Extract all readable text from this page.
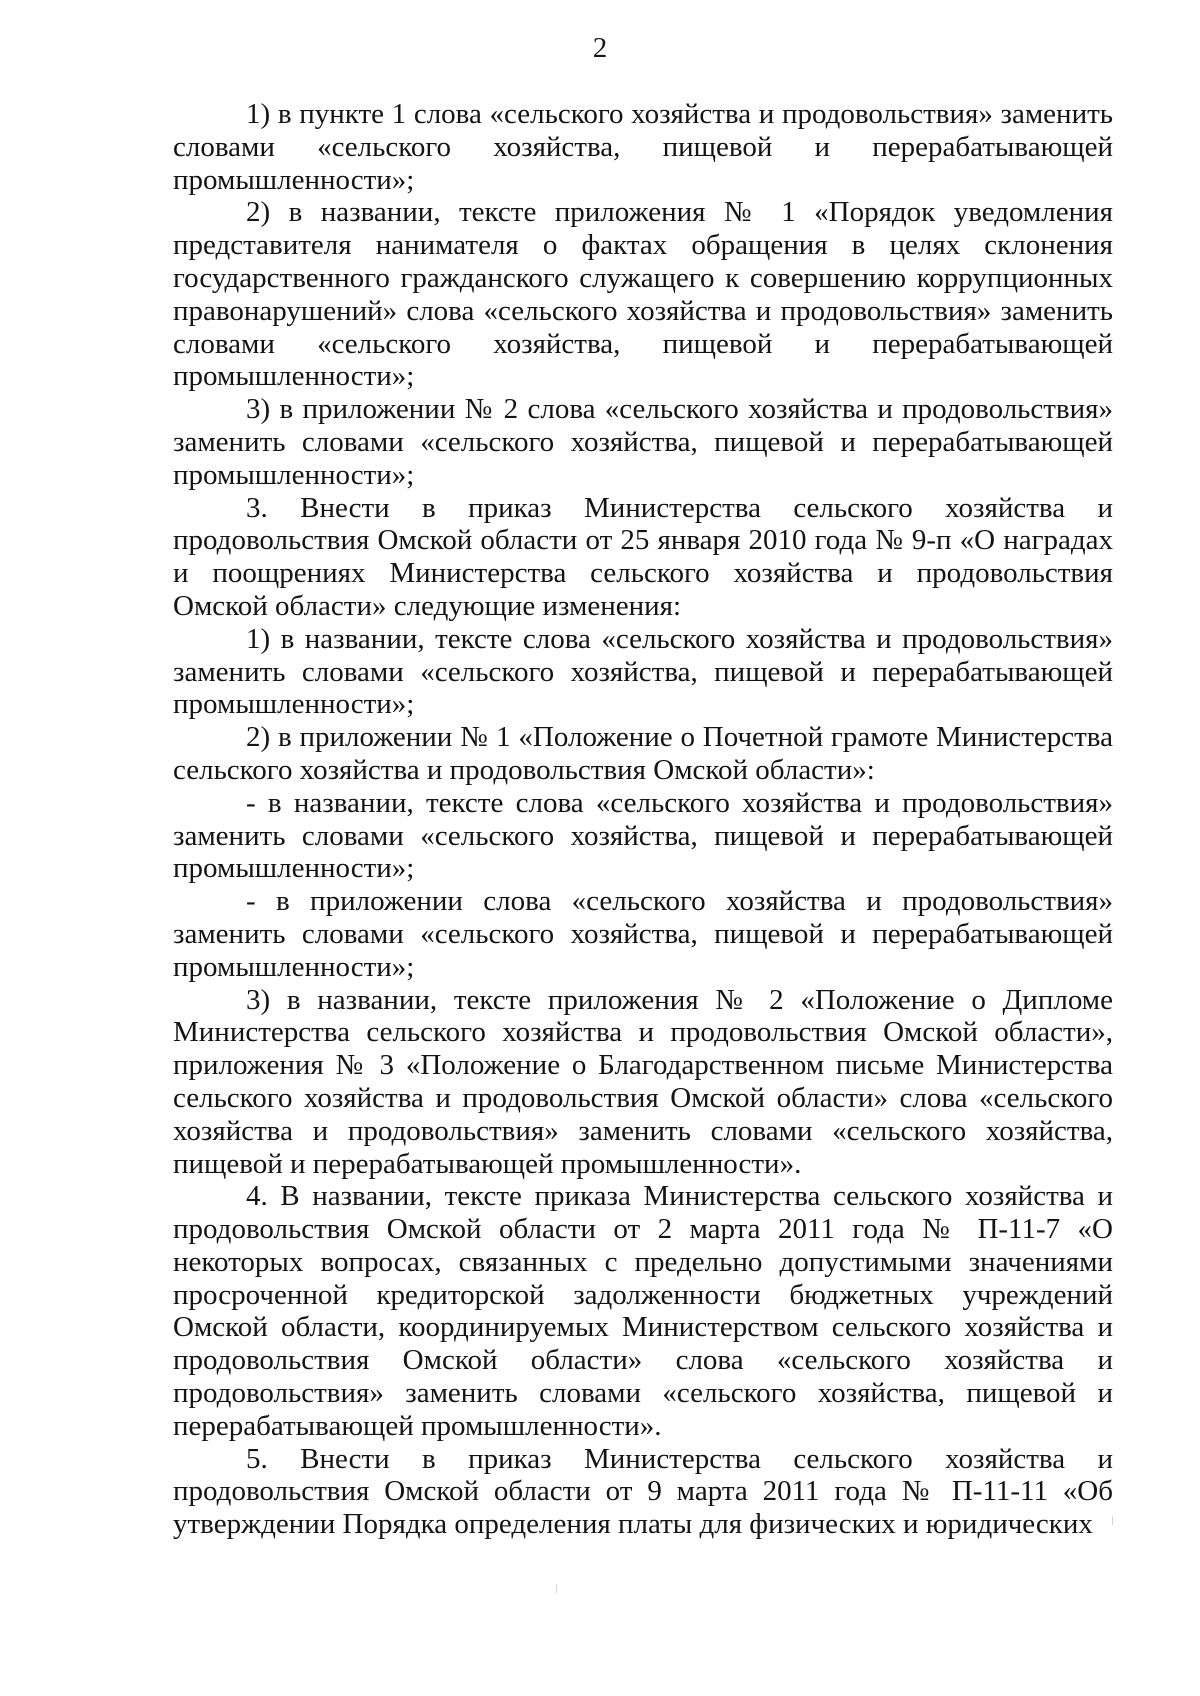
2

1) в пункте 1 слова «сельского хозяйства и продовольствия» заменить словами «сельского хозяйства, пищевой и перерабатывающей промышленности»;

2) в названии, тексте приложения № 1 «Порядок уведомления представителя нанимателя о фактах обращения в целях склонения государственного гражданского служащего к совершению коррупционных правонарушений» слова «сельского хозяйства и продовольствия» заменить словами «сельского хозяйства, пищевой и перерабатывающей промышленности»;

3) в приложении № 2 слова «сельского хозяйства и продовольствия» заменить словами «сельского хозяйства, пищевой и перерабатывающей промышленности»;

3. Внести в приказ Министерства сельского хозяйства и продовольствия Омской области от 25 января 2010 года № 9-п «О наградах и поощрениях Министерства сельского хозяйства и продовольствия Омской области» следующие изменения:

1) в названии, тексте слова «сельского хозяйства и продовольствия» заменить словами «сельского хозяйства, пищевой и перерабатывающей промышленности»;

2) в приложении № 1 «Положение о Почетной грамоте Министерства сельского хозяйства и продовольствия Омской области»:

- в названии, тексте слова «сельского хозяйства и продовольствия» заменить словами «сельского хозяйства, пищевой и перерабатывающей промышленности»;

- в приложении слова «сельского хозяйства и продовольствия» заменить словами «сельского хозяйства, пищевой и перерабатывающей промышленности»;

3) в названии, тексте приложения № 2 «Положение о Дипломе Министерства сельского хозяйства и продовольствия Омской области», приложения № 3 «Положение о Благодарственном письме Министерства сельского хозяйства и продовольствия Омской области» слова «сельского хозяйства и продовольствия» заменить словами «сельского хозяйства, пищевой и перерабатывающей промышленности».

4. В названии, тексте приказа Министерства сельского хозяйства и продовольствия Омской области от 2 марта 2011 года № П-11-7 «О некоторых вопросах, связанных с предельно допустимыми значениями просроченной кредиторской задолженности бюджетных учреждений Омской области, координируемых Министерством сельского хозяйства и продовольствия Омской области» слова «сельского хозяйства и продовольствия» заменить словами «сельского хозяйства, пищевой и перерабатывающей промышленности».

5. Внести в приказ Министерства сельского хозяйства и продовольствия Омской области от 9 марта 2011 года № П-11-11 «Об утверждении Порядка определения платы для физических и юридических
